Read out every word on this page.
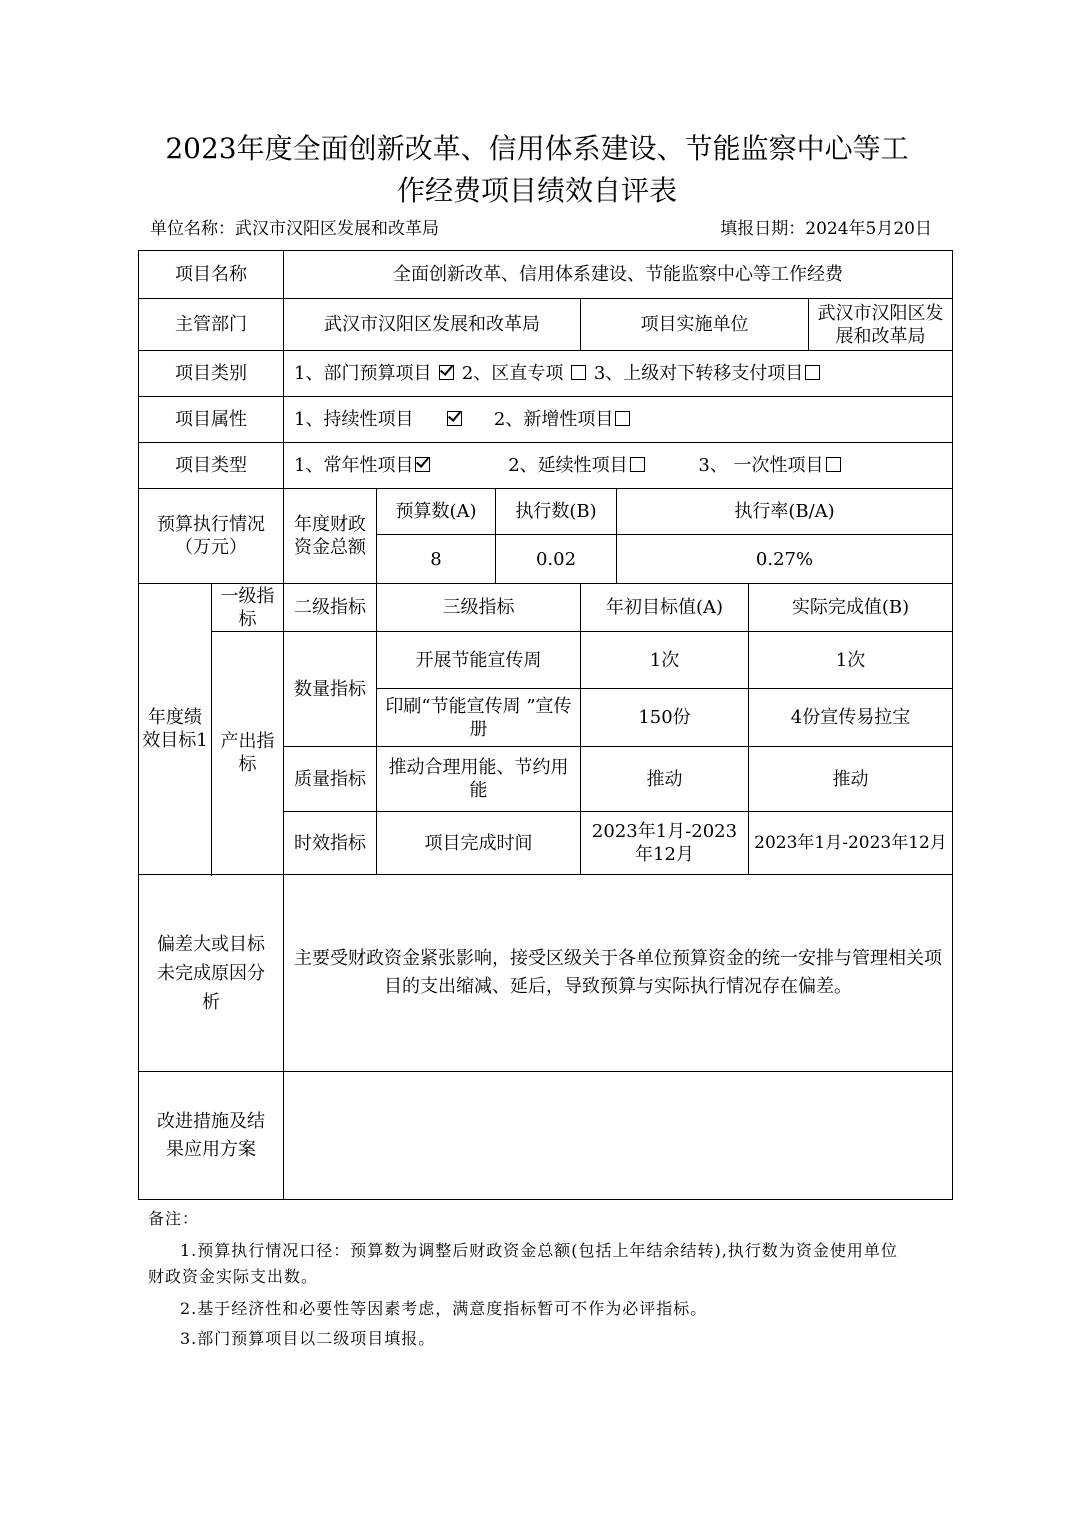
2023年度全面创新改革、信用体系建设、节能监察中心等工
作经费项目绩效自评表
单位名称：武汉市汉阳区发展和改革局	填报日期：2024年5月20日
项目名称		全面创新改革、信用体系建设、节能监察中心等工作经费						
主管部门		武汉市汉阳区发展和改革局			项目实施单位			武汉市汉阳区发展和改革局
项目类别		1、部门预算项目 2、区直专项 3、上级对下转移支付项目						
项目属性		1、持续性项目 2、新增性项目						
项目类型		1、常年性项目 2、延续性项目 3、 一次性项目						
预算执行情况（万元）		年度财政资金总额	预算数(A)	执行数(B)		执行率(B/A)		
			8	0.02		0.27%		
年度绩效目标1	一级指标	二级指标	三级指标		年初目标值(A)		实际完成值(B)	
	产出指标	数量指标	开展节能宣传周		1次		1次	
			印刷“节能宣传周 ”宣传册		150份		4份宣传易拉宝	
		质量指标	推动合理用能、节约用能		推动		推动	
		时效指标	项目完成时间		2023年1月-2023年12月		2023年1月-2023年12月	

偏差大或目标未完成原因分析		主要受财政资金紧张影响，接受区级关于各单位预算资金的统一安排与管理相关项目的支出缩减、延后，导致预算与实际执行情况存在偏差。						
改进措施及结果应用方案								

备注：

1.预算执行情况口径：预算数为调整后财政资金总额(包括上年结余结转),执行数为资金使用单位财政资金实际支出数。

2.基于经济性和必要性等因素考虑，满意度指标暂可不作为必评指标。

3.部门预算项目以二级项目填报。
